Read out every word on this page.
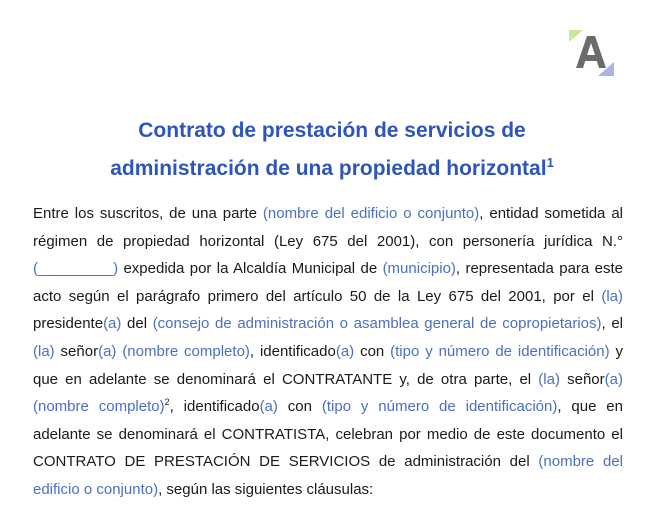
Contrato de prestación de servicios de
administración de una propiedad horizontal$^1$
Entre los suscritos, de una parte (nombre del edificio o conjunto), entidad sometida al régimen de propiedad horizontal (Ley 675 del 2001), con personería jurídica N.° (_________) expedida por la Alcaldía Municipal de (municipio), representada para este acto según el parágrafo primero del artículo 50 de la Ley 675 del 2001, por el (la) presidente(a) del (consejo de administración o asamblea general de copropietarios), el (la) señor(a) (nombre completo), identificado(a) con (tipo y número de identificación) y que en adelante se denominará el CONTRATANTE y, de otra parte, el (la) señor(a) (nombre completo)$^2$, identificado(a) con (tipo y número de identificación), que en adelante se denominará el CONTRATISTA, celebran por medio de este documento el CONTRATO DE PRESTACIÓN DE SERVICIOS de administración del (nombre del edificio o conjunto), según las siguientes cláusulas:
